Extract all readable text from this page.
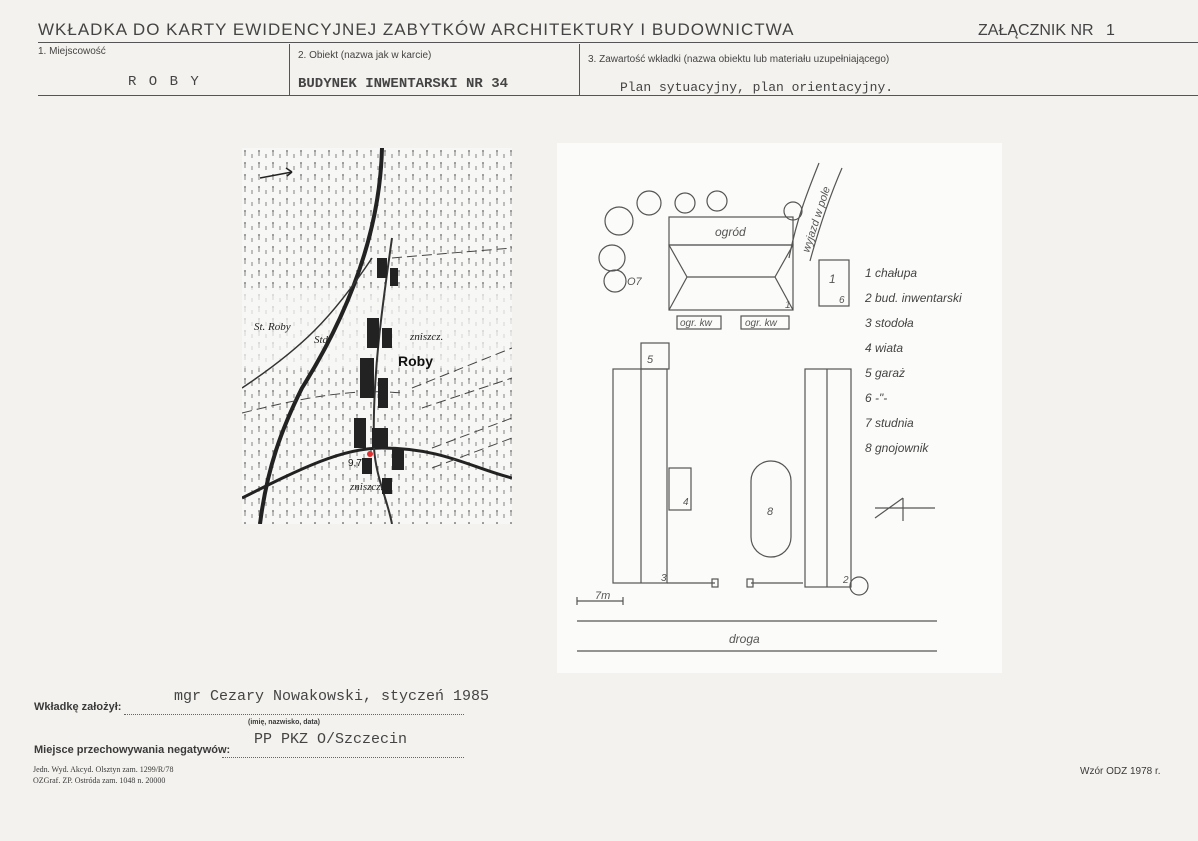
WKŁADKA DO KARTY EWIDENCYJNEJ ZABYTKÓW ARCHITEKTURY I BUDOWNICTWA	ZAŁĄCZNIK NR 1
1. Miejscowość
R O B Y
2. Obiekt (nazwa jak w karcie)
BUDYNEK INWENTARSKI NR 34
3. Zawartość wkładki (nazwa obiektu lub materiału uzupełniającego)
Plan sytuacyjny, plan orientacyjny.
St. Roby
Std.	zniszcz.
Roby
9,7
zniszcz.
ogród	wyjazd w pole
ogr. kw	ogr. kw
O7
droga
7m
1
1
6
5
3	2
4
8
1 chałupa
2 bud. inwentarski
3 stodoła
4 wiata
5 garaż
6 -"-
7 studnia
8 gnojownik
Wkładkę założył:
mgr Cezary Nowakowski, styczeń 1985
(imię, nazwisko, data)
Miejsce przechowywania negatywów:
PP PKZ O/Szczecin
Jedn. Wyd. Akcyd. Olsztyn zam. 1299/R/78
OZGraf. ZP. Ostróda zam. 1048 n. 20000
Wzór ODZ 1978 r.
